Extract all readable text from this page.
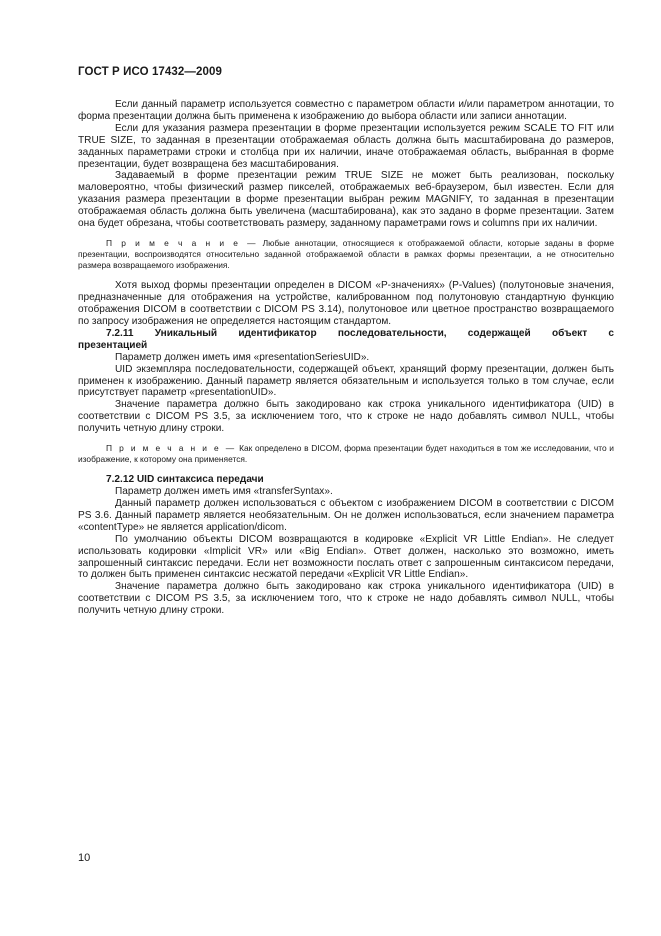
ГОСТ Р ИСО 17432—2009

Если данный параметр используется совместно с параметром области и/или параметром аннотации, то форма презентации должна быть применена к изображению до выбора области или записи аннотации.

Если для указания размера презентации в форме презентации используется режим SCALE TO FIT или TRUE SIZE, то заданная в презентации отображаемая область должна быть масштабирована до размеров, заданных параметрами строки и столбца при их наличии, иначе отображаемая область, выбранная в форме презентации, будет возвращена без масштабирования.

Задаваемый в форме презентации режим TRUE SIZE не может быть реализован, поскольку маловероятно, чтобы физический размер пикселей, отображаемых веб-браузером, был известен. Если для указания размера презентации в форме презентации выбран режим MAGNIFY, то заданная в презентации отображаемая область должна быть увеличена (масштабирована), как это задано в форме презентации. Затем она будет обрезана, чтобы соответствовать размеру, заданному параметрами rows и columns при их наличии.

П р и м е ч а н и е — Любые аннотации, относящиеся к отображаемой области, которые заданы в форме презентации, воспроизводятся относительно заданной отображаемой области в рамках формы презентации, а не относительно размера возвращаемого изображения.

Хотя выход формы презентации определен в DICOM «Р-значениях» (P-Values) (полутоновые значения, предназначенные для отображения на устройстве, калиброванном под полутоновую стандартную функцию отображения DICOM в соответствии с DICOM PS 3.14), полутоновое или цветное пространство возвращаемого по запросу изображения не определяется настоящим стандартом.

7.2.11 Уникальный идентификатор последовательности, содержащей объект с презентацией

Параметр должен иметь имя «presentationSeriesUID».

UID экземпляра последовательности, содержащей объект, хранящий форму презентации, должен быть применен к изображению. Данный параметр является обязательным и используется только в том случае, если присутствует параметр «presentationUID».

Значение параметра должно быть закодировано как строка уникального идентификатора (UID) в соответствии с DICOM PS 3.5, за исключением того, что к строке не надо добавлять символ NULL, чтобы получить четную длину строки.

П р и м е ч а н и е — Как определено в DICOM, форма презентации будет находиться в том же исследовании, что и изображение, к которому она применяется.

7.2.12 UID синтаксиса передачи

Параметр должен иметь имя «transferSyntax».

Данный параметр должен использоваться с объектом с изображением DICOM в соответствии с DICOM PS 3.6. Данный параметр является необязательным. Он не должен использоваться, если значением параметра «contentType» не является application/dicom.

По умолчанию объекты DICOM возвращаются в кодировке «Explicit VR Little Endian». Не следует использовать кодировки «Implicit VR» или «Big Endian». Ответ должен, насколько это возможно, иметь запрошенный синтаксис передачи. Если нет возможности послать ответ с запрошенным синтаксисом передачи, то должен быть применен синтаксис несжатой передачи «Explicit VR Little Endian».

Значение параметра должно быть закодировано как строка уникального идентификатора (UID) в соответствии с DICOM PS 3.5, за исключением того, что к строке не надо добавлять символ NULL, чтобы получить четную длину строки.

10
